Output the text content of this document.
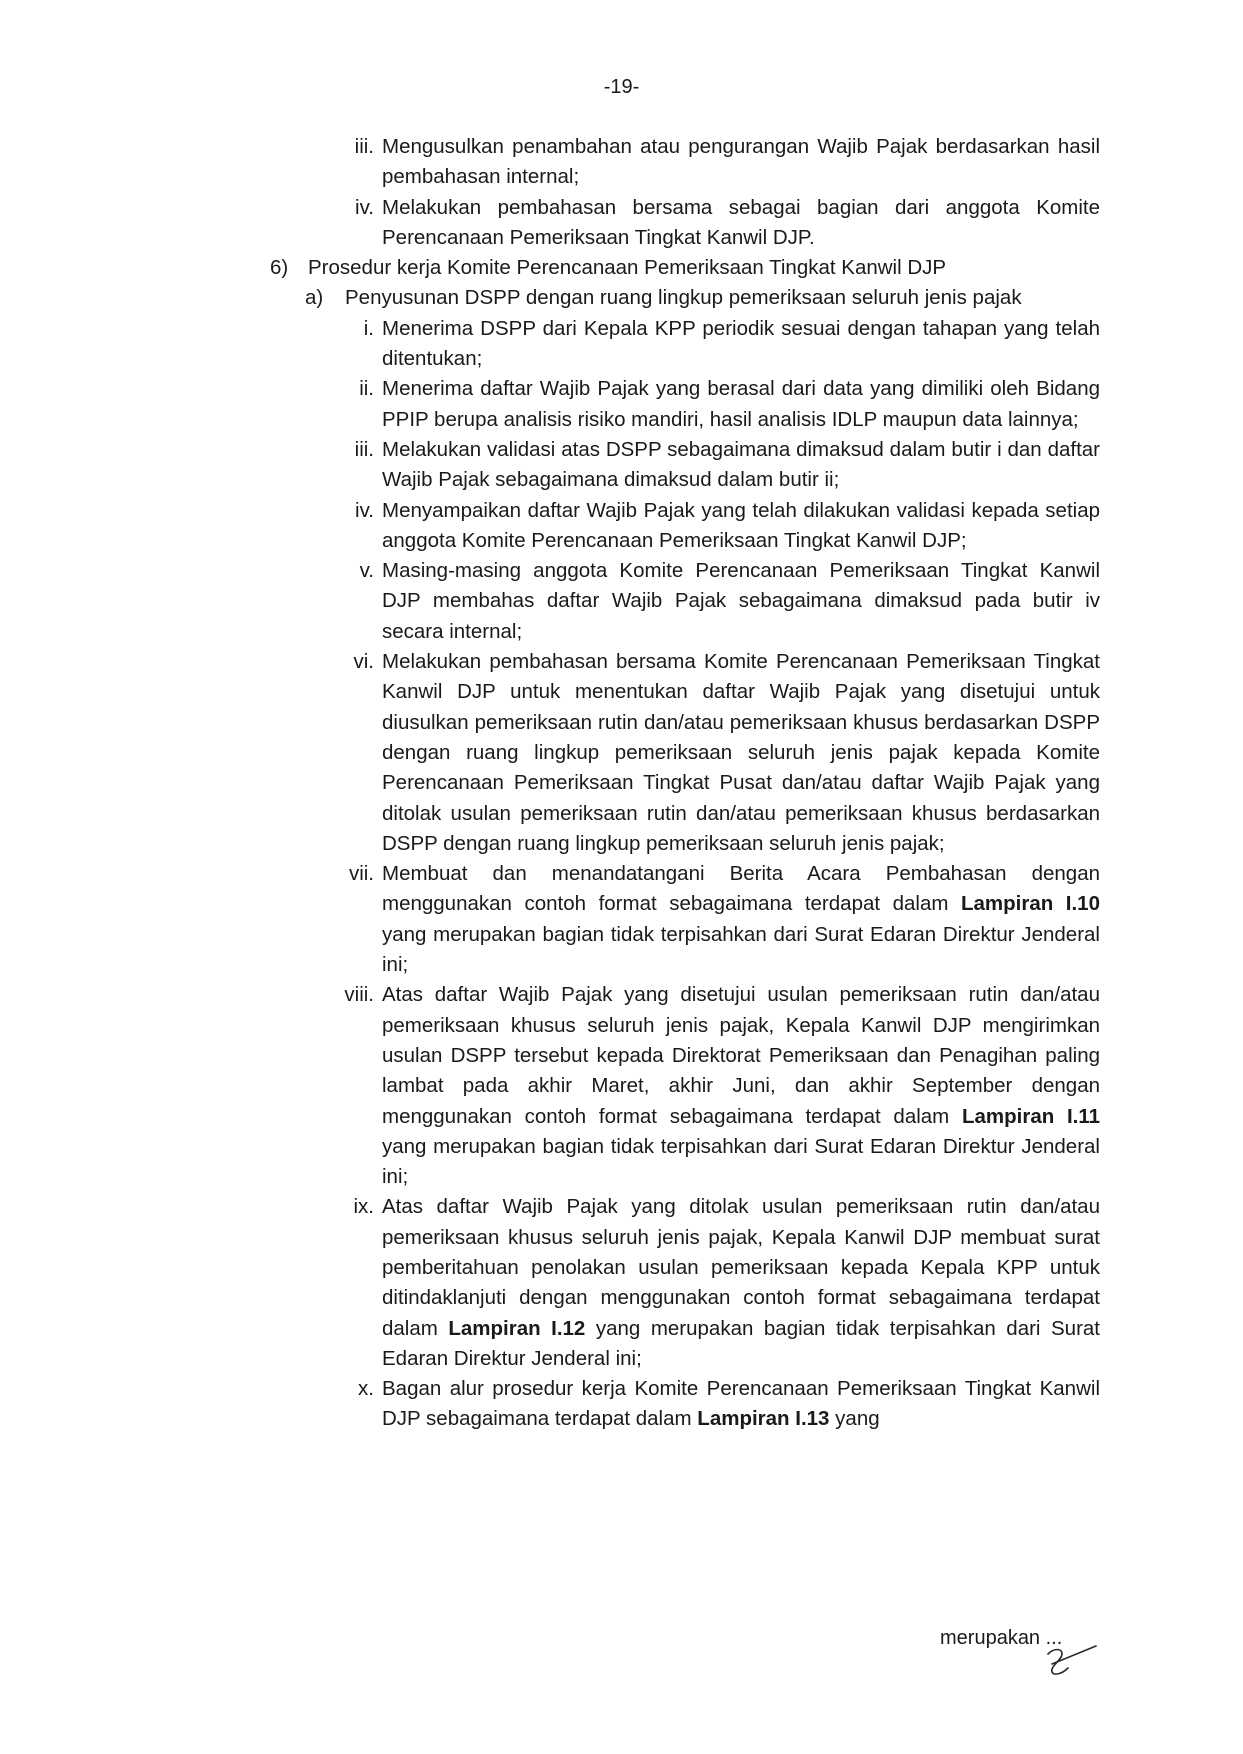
-19-
iii. Mengusulkan penambahan atau pengurangan Wajib Pajak berdasarkan hasil pembahasan internal;
iv. Melakukan pembahasan bersama sebagai bagian dari anggota Komite Perencanaan Pemeriksaan Tingkat Kanwil DJP.
6) Prosedur kerja Komite Perencanaan Pemeriksaan Tingkat Kanwil DJP
a) Penyusunan DSPP dengan ruang lingkup pemeriksaan seluruh jenis pajak
i. Menerima DSPP dari Kepala KPP periodik sesuai dengan tahapan yang telah ditentukan;
ii. Menerima daftar Wajib Pajak yang berasal dari data yang dimiliki oleh Bidang PPIP berupa analisis risiko mandiri, hasil analisis IDLP maupun data lainnya;
iii. Melakukan validasi atas DSPP sebagaimana dimaksud dalam butir i dan daftar Wajib Pajak sebagaimana dimaksud dalam butir ii;
iv. Menyampaikan daftar Wajib Pajak yang telah dilakukan validasi kepada setiap anggota Komite Perencanaan Pemeriksaan Tingkat Kanwil DJP;
v. Masing-masing anggota Komite Perencanaan Pemeriksaan Tingkat Kanwil DJP membahas daftar Wajib Pajak sebagaimana dimaksud pada butir iv secara internal;
vi. Melakukan pembahasan bersama Komite Perencanaan Pemeriksaan Tingkat Kanwil DJP untuk menentukan daftar Wajib Pajak yang disetujui untuk diusulkan pemeriksaan rutin dan/atau pemeriksaan khusus berdasarkan DSPP dengan ruang lingkup pemeriksaan seluruh jenis pajak kepada Komite Perencanaan Pemeriksaan Tingkat Pusat dan/atau daftar Wajib Pajak yang ditolak usulan pemeriksaan rutin dan/atau pemeriksaan khusus berdasarkan DSPP dengan ruang lingkup pemeriksaan seluruh jenis pajak;
vii. Membuat dan menandatangani Berita Acara Pembahasan dengan menggunakan contoh format sebagaimana terdapat dalam Lampiran I.10 yang merupakan bagian tidak terpisahkan dari Surat Edaran Direktur Jenderal ini;
viii. Atas daftar Wajib Pajak yang disetujui usulan pemeriksaan rutin dan/atau pemeriksaan khusus seluruh jenis pajak, Kepala Kanwil DJP mengirimkan usulan DSPP tersebut kepada Direktorat Pemeriksaan dan Penagihan paling lambat pada akhir Maret, akhir Juni, dan akhir September dengan menggunakan contoh format sebagaimana terdapat dalam Lampiran I.11 yang merupakan bagian tidak terpisahkan dari Surat Edaran Direktur Jenderal ini;
ix. Atas daftar Wajib Pajak yang ditolak usulan pemeriksaan rutin dan/atau pemeriksaan khusus seluruh jenis pajak, Kepala Kanwil DJP membuat surat pemberitahuan penolakan usulan pemeriksaan kepada Kepala KPP untuk ditindaklanjuti dengan menggunakan contoh format sebagaimana terdapat dalam Lampiran I.12 yang merupakan bagian tidak terpisahkan dari Surat Edaran Direktur Jenderal ini;
x. Bagan alur prosedur kerja Komite Perencanaan Pemeriksaan Tingkat Kanwil DJP sebagaimana terdapat dalam Lampiran I.13 yang
merupakan ...
